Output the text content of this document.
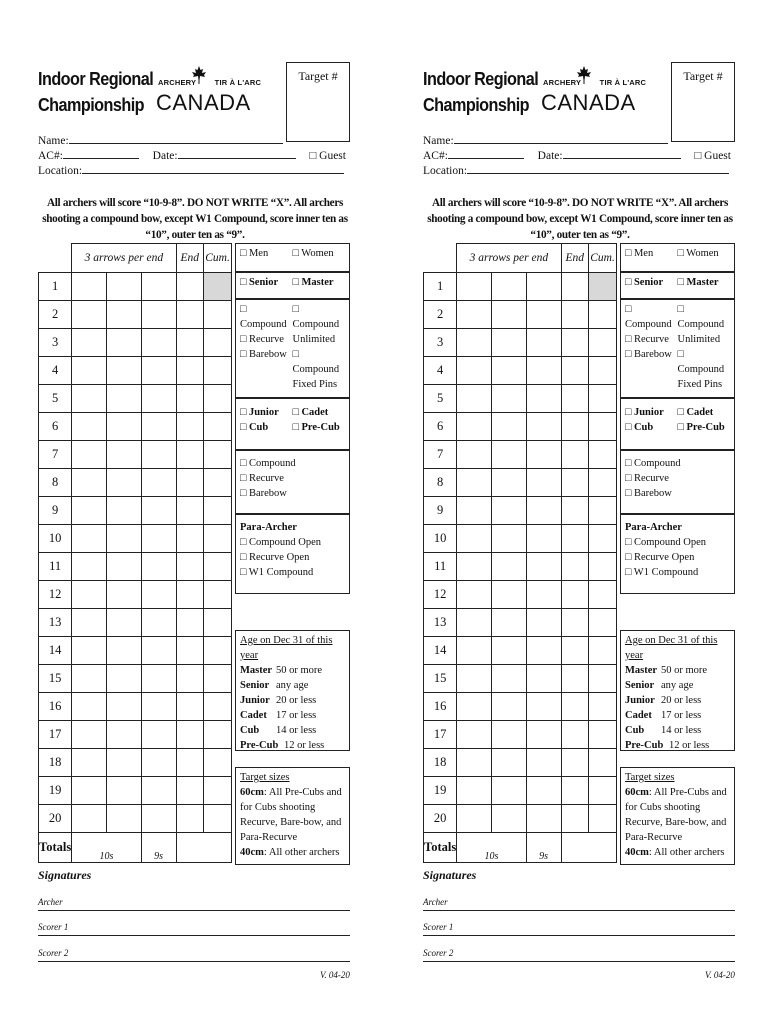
Indoor Regional
Championship
ARCHERY TIR À L'ARC
CANADA
Target #
Name:
AC#:	Date:	□ Guest
Location:
All archers will score “10-9-8”. DO NOT WRITE “X”. All archers shooting a compound bow, except W1 Compound, score inner ten as “10”, outer ten as “9”.
	3 arrows per end			End	Cum.
1					
2					
3					
4					
5					
6					
7					
8					
9					
10					
11					
12					
13					
14					
15					
16					
17					
18					
19					
20					
Totals	10s		9s		
□ Men	□ Women
□ Senior	□ Master
□ Compound
□ Recurve
□ Barebow
□ Compound
Unlimited
□ Compound
Fixed Pins
□ Junior	□ Cadet
□ Cub	□ Pre-Cub
□ Compound
□ Recurve
□ Barebow
Para-Archer
□ Compound Open
□ Recurve Open
□ W1 Compound
Age on Dec 31 of this year
Master 50 or more
Senior any age
Junior 20 or less
Cadet 17 or less
Cub	14 or less
Pre-Cub 12 or less
Target sizes
60cm: All Pre-Cubs and for Cubs shooting Recurve, Bare-bow, and Para-Recurve
40cm: All other archers
Signatures
Archer
Scorer 1
Scorer 2
V. 04-20
Indoor Regional
Championship
ARCHERY TIR À L'ARC
CANADA
Target #
Name:
AC#:	Date:	□ Guest
Location:
All archers will score “10-9-8”. DO NOT WRITE “X”. All archers shooting a compound bow, except W1 Compound, score inner ten as “10”, outer ten as “9”.
	3 arrows per end			End	Cum.
1					
2					
3					
4					
5					
6					
7					
8					
9					
10					
11					
12					
13					
14					
15					
16					
17					
18					
19					
20					
Totals	10s		9s		
□ Men	□ Women
□ Senior	□ Master
□ Compound
□ Recurve
□ Barebow
□ Compound
Unlimited
□ Compound
Fixed Pins
□ Junior	□ Cadet
□ Cub	□ Pre-Cub
□ Compound
□ Recurve
□ Barebow
Para-Archer
□ Compound Open
□ Recurve Open
□ W1 Compound
Age on Dec 31 of this year
Master 50 or more
Senior any age
Junior 20 or less
Cadet 17 or less
Cub	14 or less
Pre-Cub 12 or less
Target sizes
60cm: All Pre-Cubs and for Cubs shooting Recurve, Bare-bow, and Para-Recurve
40cm: All other archers
Signatures
Archer
Scorer 1
Scorer 2
V. 04-20
